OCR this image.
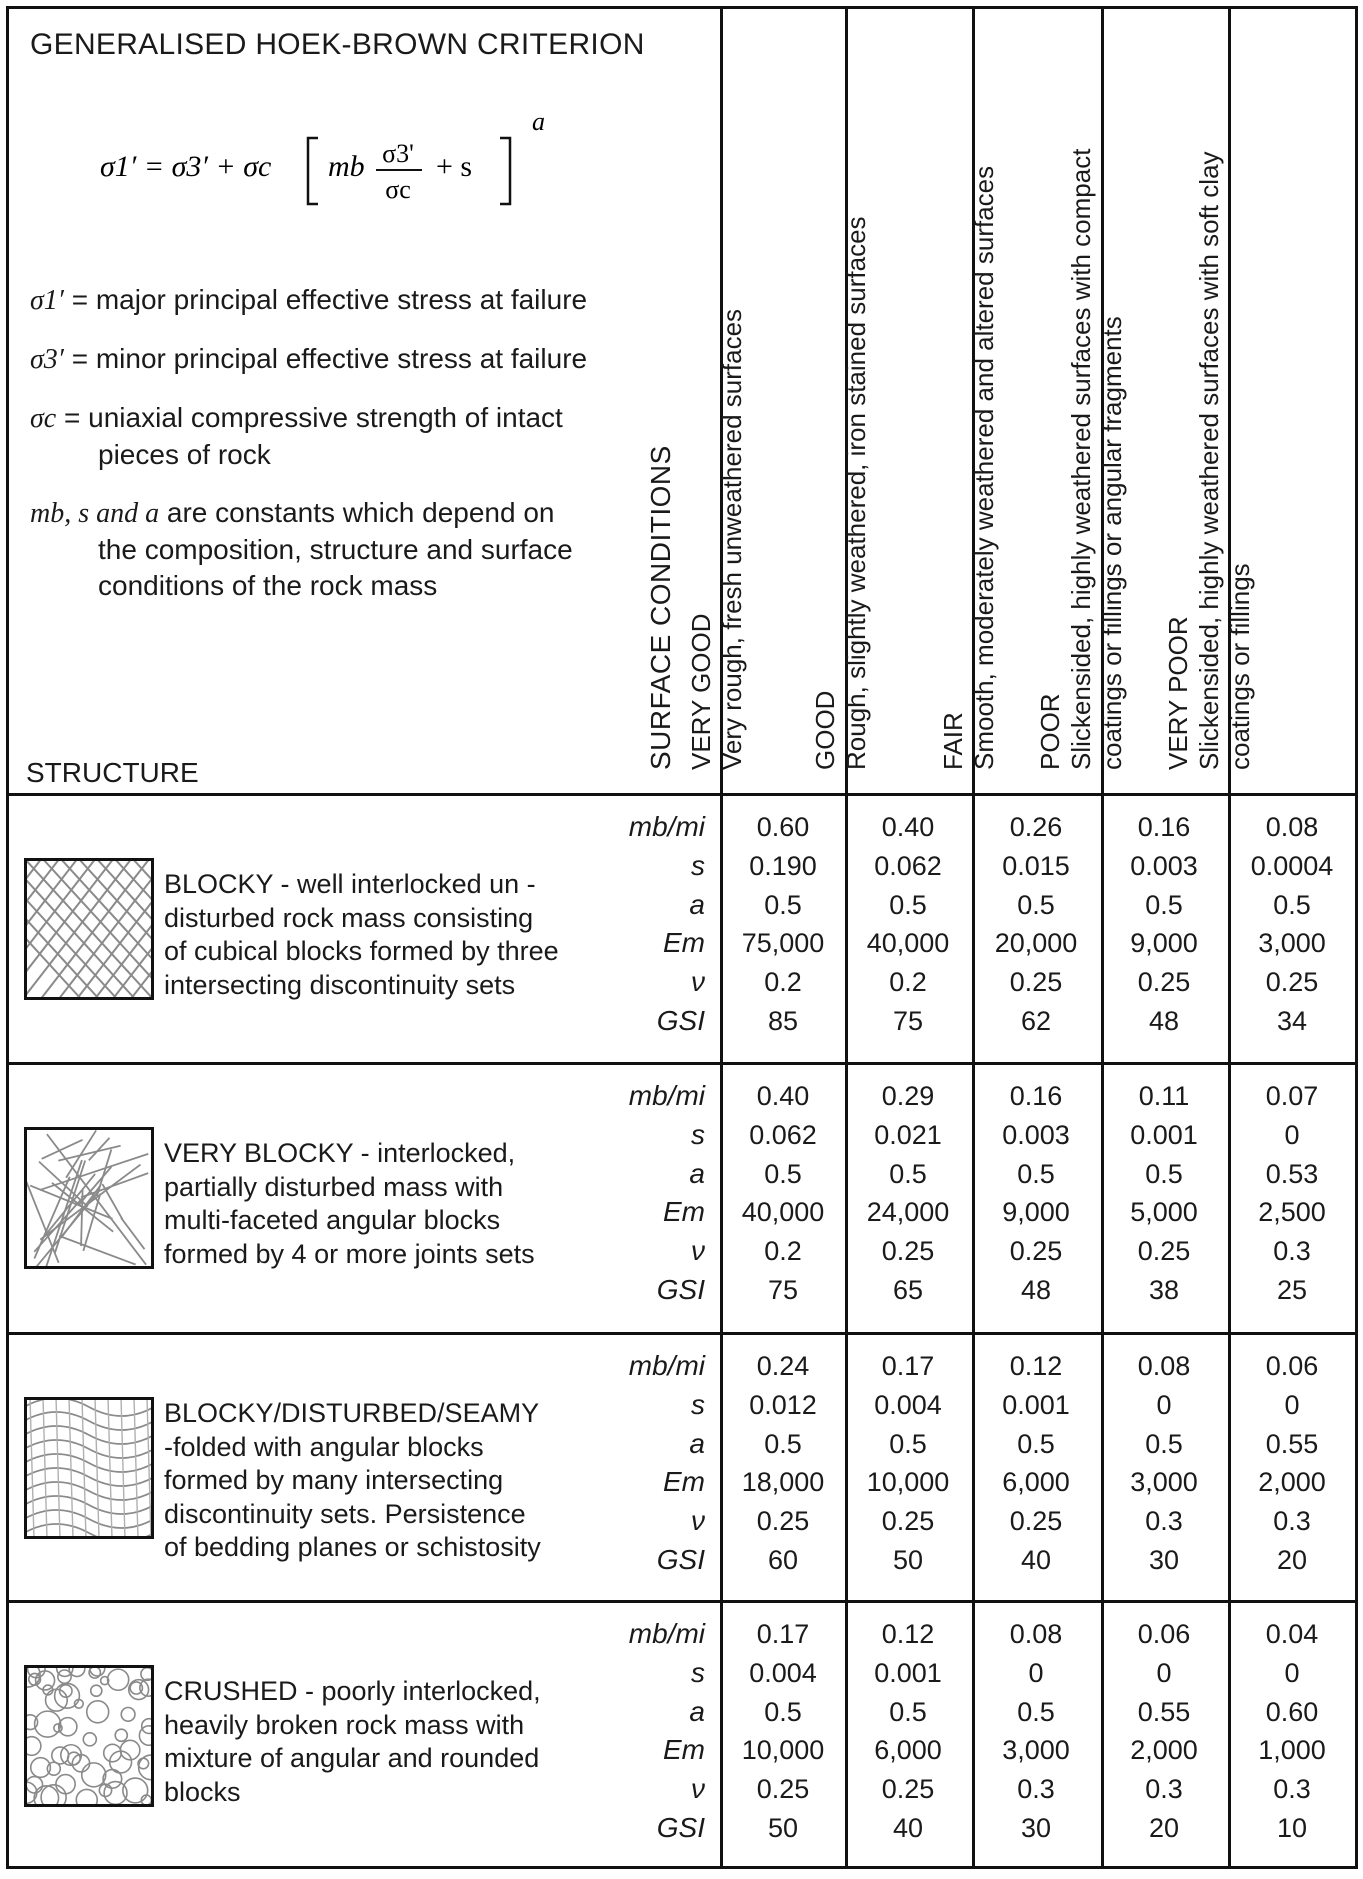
GENERALISED HOEK-BROWN CRITERION
σ1′ = σ3′ + σc mb σ3'
σc
+ s
a
σ1′ = major principal effective stress at failure
σ3′ = minor principal effective stress at failure
σc = uniaxial compressive strength of intact
pieces of rock
mb, s and a are constants which depend on
the composition, structure and surface
conditions of the rock mass
STRUCTURE
SURFACE CONDITIONS VERY GOOD Very rough, fresh unweathered surfaces GOOD Rough, slightly weathered, iron stained surfaces	FAIR Smooth, moderately weathered and altered surfaces POOR Slickensided, highly weathered surfaces with compact coatings or fillings or angular fragments VERY POOR Slickensided, highly weathered surfaces with soft clay coatings or fillings
BLOCKY - well interlocked un -
disturbed rock mass consisting
of cubical blocks formed by three
intersecting discontinuity sets
mb/mi
s
a
Em
ν
GSI
0.60
0.190
0.5
75,000
0.2
85
0.40
0.062
0.5
40,000
0.2
75
0.26
0.015
0.5
20,000
0.25
62
0.16
0.003
0.5
9,000
0.25
48
0.08
0.0004
0.5
3,000
0.25
34
VERY BLOCKY - interlocked,
partially disturbed mass with
multi-faceted angular blocks
formed by 4 or more joints sets
mb/mi
s
a
Em
ν
GSI
0.40
0.062
0.5
40,000
0.2
75
0.29
0.021
0.5
24,000
0.25
65
0.16
0.003
0.5
9,000
0.25
48
0.11
0.001
0.5
5,000
0.25
38
0.07
0
0.53
2,500
0.3
25
BLOCKY/DISTURBED/SEAMY
-folded with angular blocks
formed by many intersecting
discontinuity sets. Persistence
of bedding planes or schistosity
mb/mi
s
a
Em
ν
GSI
0.24
0.012
0.5
18,000
0.25
60
0.17
0.004
0.5
10,000
0.25
50
0.12
0.001
0.5
6,000
0.25
40
0.08
0
0.5
3,000
0.3
30
0.06
0
0.55
2,000
0.3
20
CRUSHED - poorly interlocked,
heavily broken rock mass with
mixture of angular and rounded
blocks
mb/mi
s
a
Em
ν
GSI
0.17
0.004
0.5
10,000
0.25
50
0.12
0.001
0.5
6,000
0.25
40
0.08
0
0.5
3,000
0.3
30
0.06
0
0.55
2,000
0.3
20
0.04
0
0.60
1,000
0.3
10
